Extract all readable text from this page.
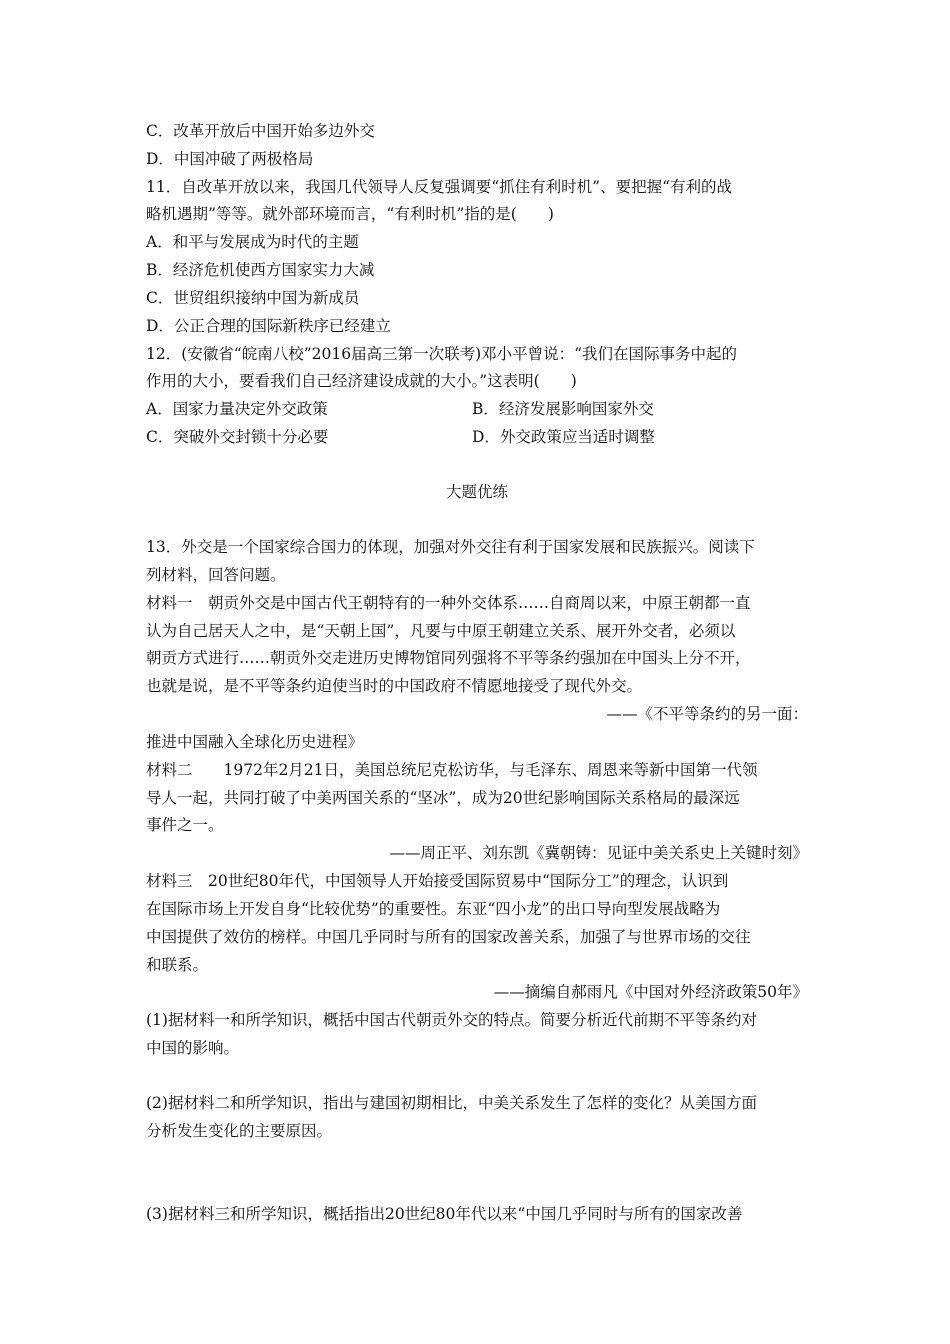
C．改革开放后中国开始多边外交
D．中国冲破了两极格局
11．自改革开放以来，我国几代领导人反复强调要“抓住有利时机”、要把握“有利的战
略机遇期”等等。就外部环境而言，“有利时机”指的是(　　)
A．和平与发展成为时代的主题
B．经济危机使西方国家实力大减
C．世贸组织接纳中国为新成员
D．公正合理的国际新秩序已经建立
12．(安徽省“皖南八校”2016届高三第一次联考)邓小平曾说：“我们在国际事务中起的
作用的大小，要看我们自己经济建设成就的大小。”这表明(　　)
A．国家力量决定外交政策	B．经济发展影响国家外交
C．突破外交封锁十分必要	D．外交政策应当适时调整
大题优练
13．外交是一个国家综合国力的体现，加强对外交往有利于国家发展和民族振兴。阅读下
列材料，回答问题。
材料一　朝贡外交是中国古代王朝特有的一种外交体系……自商周以来，中原王朝都一直
认为自己居天人之中，是“天朝上国”，凡要与中原王朝建立关系、展开外交者，必须以
朝贡方式进行……朝贡外交走进历史博物馆同列强将不平等条约强加在中国头上分不开，
也就是说，是不平等条约迫使当时的中国政府不情愿地接受了现代外交。
——《不平等条约的另一面：
推进中国融入全球化历史进程》
材料二　　1972年2月21日，美国总统尼克松访华，与毛泽东、周恩来等新中国第一代领
导人一起，共同打破了中美两国关系的“坚冰”，成为20世纪影响国际关系格局的最深远
事件之一。
——周正平、刘东凯《冀朝铸：见证中美关系史上关键时刻》
材料三　20世纪80年代，中国领导人开始接受国际贸易中“国际分工”的理念，认识到
在国际市场上开发自身“比较优势”的重要性。东亚“四小龙”的出口导向型发展战略为
中国提供了效仿的榜样。中国几乎同时与所有的国家改善关系，加强了与世界市场的交往
和联系。
——摘编自郝雨凡《中国对外经济政策50年》
(1)据材料一和所学知识，概括中国古代朝贡外交的特点。简要分析近代前期不平等条约对
中国的影响。
(2)据材料二和所学知识，指出与建国初期相比，中美关系发生了怎样的变化？从美国方面
分析发生变化的主要原因。
(3)据材料三和所学知识，概括指出20世纪80年代以来“中国几乎同时与所有的国家改善
